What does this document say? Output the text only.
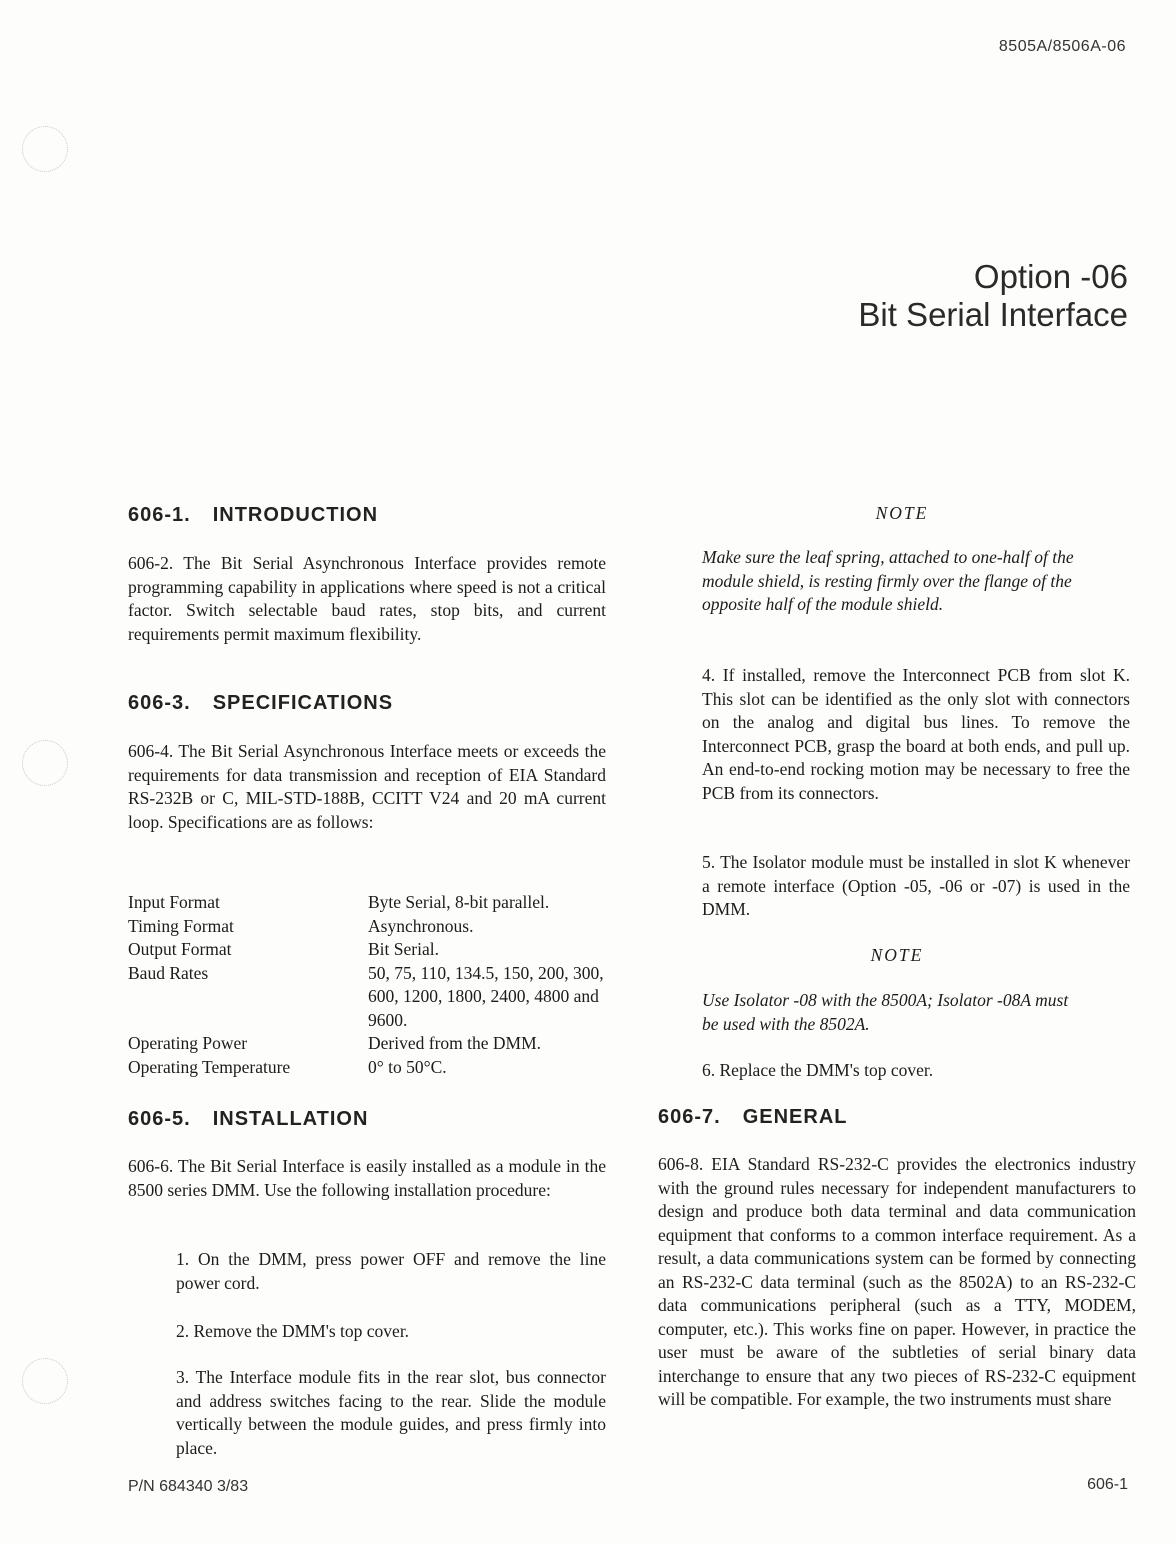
8505A/8506A-06
Option -06
Bit Serial Interface
606-1. INTRODUCTION
606-2. The Bit Serial Asynchronous Interface provides remote programming capability in applications where speed is not a critical factor. Switch selectable baud rates, stop bits, and current requirements permit maximum flexibility.
606-3. SPECIFICATIONS
606-4. The Bit Serial Asynchronous Interface meets or exceeds the requirements for data transmission and reception of EIA Standard RS-232B or C, MIL-STD-188B, CCITT V24 and 20 mA current loop. Specifications are as follows:
Input Format	Byte Serial, 8-bit parallel.
Timing Format	Asynchronous.
Output Format	Bit Serial.
Baud Rates	50, 75, 110, 134.5, 150, 200, 300, 600, 1200, 1800, 2400, 4800 and 9600.
Operating Power	Derived from the DMM.
Operating Temperature	0° to 50°C.
606-5. INSTALLATION
606-6. The Bit Serial Interface is easily installed as a module in the 8500 series DMM. Use the following installation procedure:
1. On the DMM, press power OFF and remove the line power cord.
2. Remove the DMM's top cover.
3. The Interface module fits in the rear slot, bus connector and address switches facing to the rear. Slide the module vertically between the module guides, and press firmly into place.
NOTE
Make sure the leaf spring, attached to one-half of the module shield, is resting firmly over the flange of the opposite half of the module shield.
4. If installed, remove the Interconnect PCB from slot K. This slot can be identified as the only slot with connectors on the analog and digital bus lines. To remove the Interconnect PCB, grasp the board at both ends, and pull up. An end-to-end rocking motion may be necessary to free the PCB from its connectors.
5. The Isolator module must be installed in slot K whenever a remote interface (Option -05, -06 or -07) is used in the DMM.
NOTE
Use Isolator -08 with the 8500A; Isolator -08A must be used with the 8502A.
6. Replace the DMM's top cover.
606-7. GENERAL
606-8. EIA Standard RS-232-C provides the electronics industry with the ground rules necessary for independent manufacturers to design and produce both data terminal and data communication equipment that conforms to a common interface requirement. As a result, a data communications system can be formed by connecting an RS-232-C data terminal (such as the 8502A) to an RS-232-C data communications peripheral (such as a TTY, MODEM, computer, etc.). This works fine on paper. However, in practice the user must be aware of the subtleties of serial binary data interchange to ensure that any two pieces of RS-232-C equipment will be compatible. For example, the two instruments must share
P/N 684340 3/83	606-1
